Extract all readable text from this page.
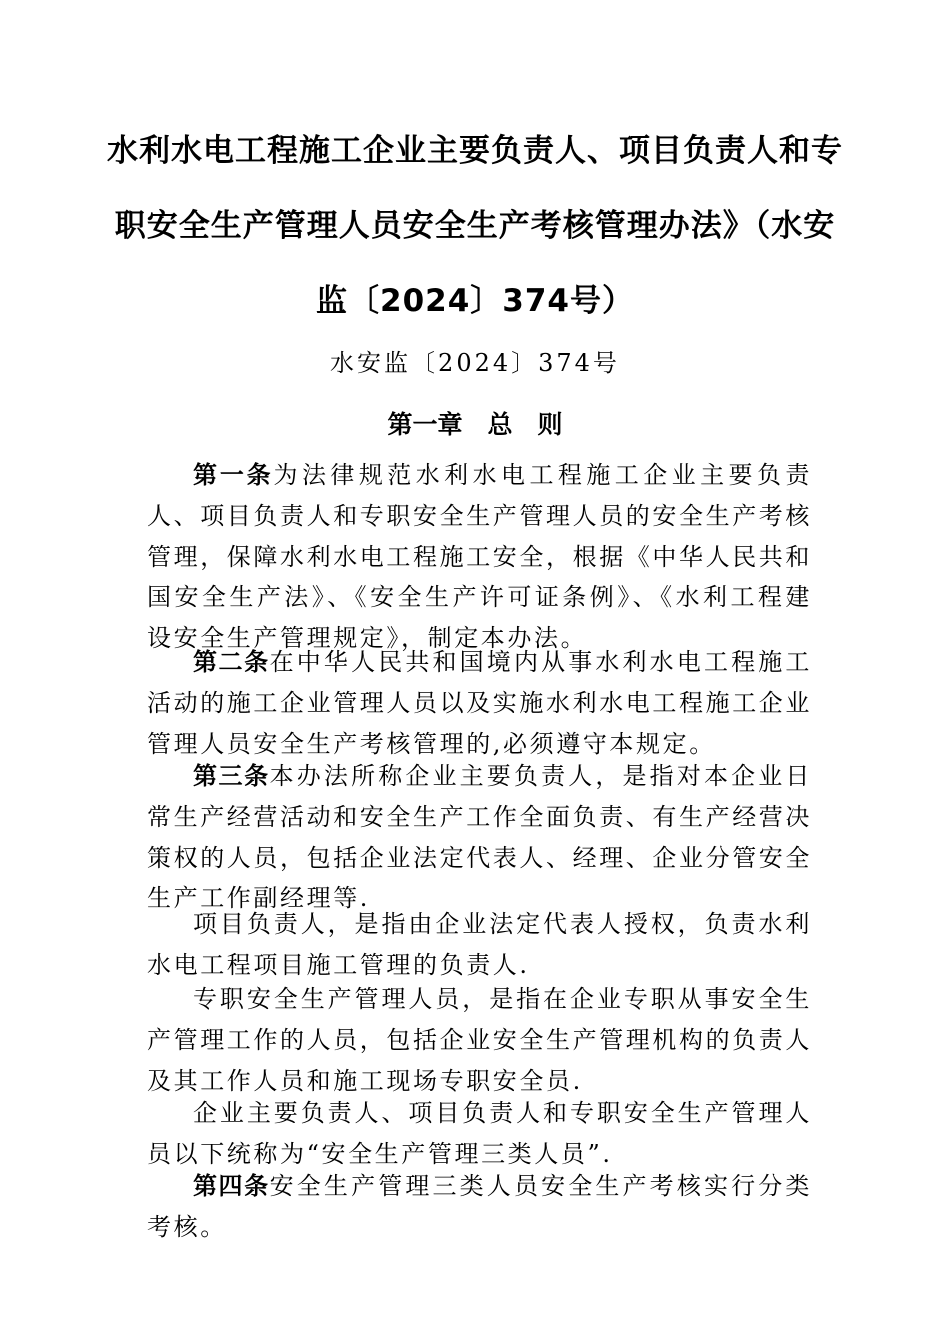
水利水电工程施工企业主要负责人、项目负责人和专
职安全生产管理人员安全生产考核管理办法》（水安
监〔2024〕374号）
水安监〔2024〕374号
第一章　总　则

第一条为法律规范水利水电工程施工企业主要负责人、项目负责人和专职安全生产管理人员的安全生产考核管理，保障水利水电工程施工安全，根据《中华人民共和国安全生产法》、《安全生产许可证条例》、《水利工程建设安全生产管理规定》，制定本办法。

第二条在中华人民共和国境内从事水利水电工程施工活动的施工企业管理人员以及实施水利水电工程施工企业管理人员安全生产考核管理的,必须遵守本规定。

第三条本办法所称企业主要负责人，是指对本企业日常生产经营活动和安全生产工作全面负责、有生产经营决策权的人员，包括企业法定代表人、经理、企业分管安全生产工作副经理等.

项目负责人，是指由企业法定代表人授权，负责水利水电工程项目施工管理的负责人.

专职安全生产管理人员，是指在企业专职从事安全生产管理工作的人员，包括企业安全生产管理机构的负责人及其工作人员和施工现场专职安全员.

企业主要负责人、项目负责人和专职安全生产管理人员以下统称为“安全生产管理三类人员”.

第四条安全生产管理三类人员安全生产考核实行分类考核。
